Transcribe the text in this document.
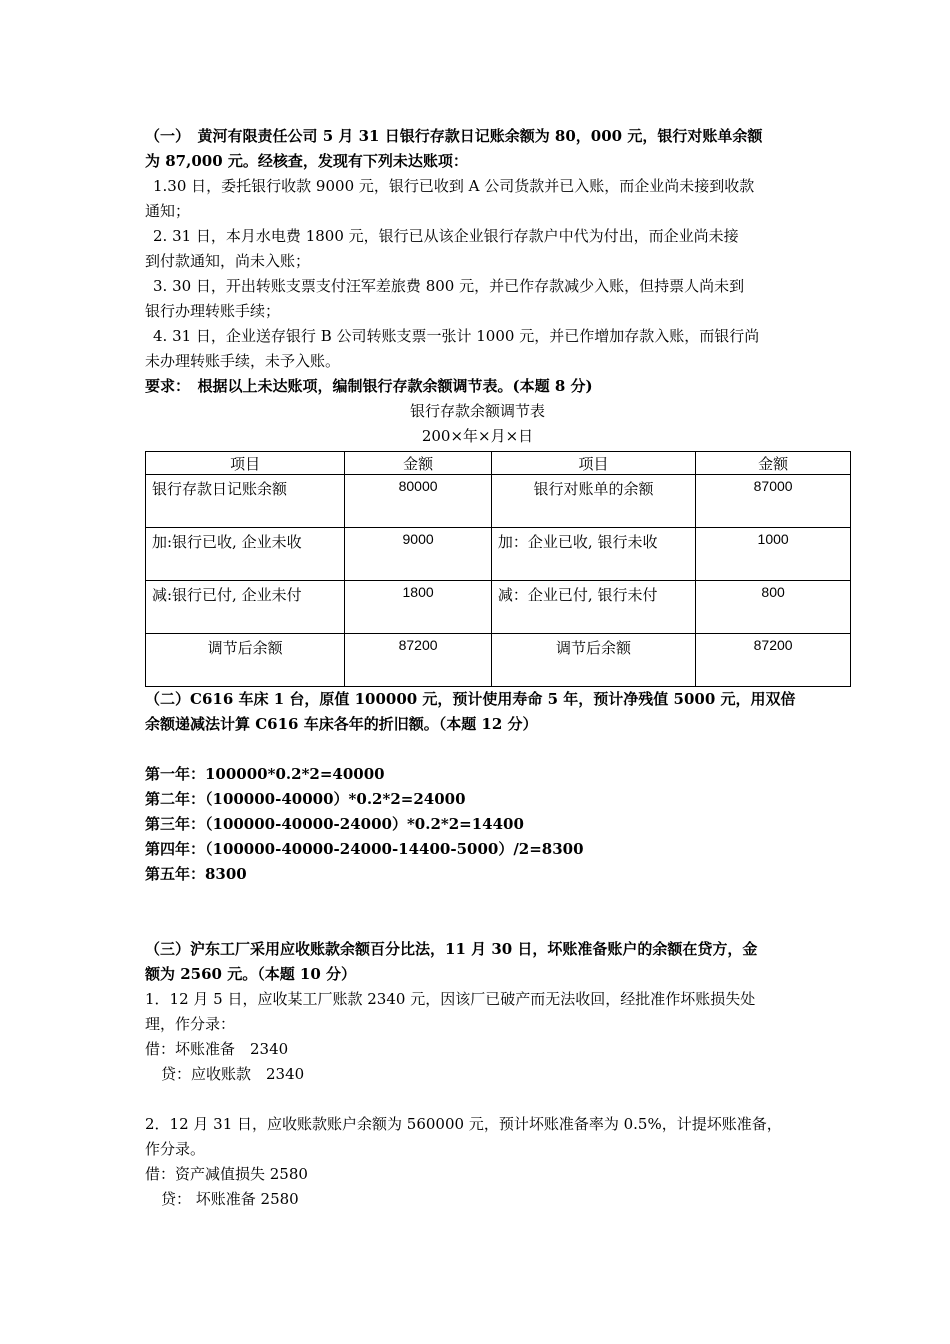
（一）　黄河有限责任公司 5 月 31 日银行存款日记账余额为 80，000 元，银行对账单余额
为 87,000 元。经核查，发现有下列未达账项：
1.30 日，委托银行收款 9000 元，银行已收到 A 公司货款并已入账，而企业尚未接到收款
通知；
2. 31 日，本月水电费 1800 元，银行已从该企业银行存款户中代为付出，而企业尚未接
到付款通知，尚未入账；
3. 30 日，开出转账支票支付汪军差旅费 800 元，并已作存款减少入账，但持票人尚未到
银行办理转账手续；
4. 31 日，企业送存银行 B 公司转账支票一张计 1000 元，并已作增加存款入账，而银行尚
未办理转账手续，未予入账。
要求：　根据以上未达账项，编制银行存款余额调节表。(本题 8 分)
银行存款余额调节表
200×年×月×日
项目	金额	项目	金额
银行存款日记账余额	80000	银行对账单的余额	87000
加:银行已收, 企业未收	9000	加：企业已收, 银行未收	1000
减:银行已付, 企业未付	1800	减：企业已付, 银行未付	800
调节后余额	87200	调节后余额	87200
（二）C616 车床 1 台，原值 100000 元，预计使用寿命 5 年，预计净残值 5000 元，用双倍
余额递减法计算 C616 车床各年的折旧额。（本题 12 分）
第一年：100000*0.2*2=40000
第二年：（100000-40000）*0.2*2=24000
第三年：（100000-40000-24000）*0.2*2=14400
第四年：（100000-40000-24000-14400-5000）/2=8300
第五年：8300
（三）沪东工厂采用应收账款余额百分比法，11 月 30 日，坏账准备账户的余额在贷方，金
额为 2560 元。（本题 10 分）
1．12 月 5 日，应收某工厂账款 2340 元，因该厂已破产而无法收回，经批准作坏账损失处
理，作分录：
借：坏账准备　2340
贷：应收账款　2340
2．12 月 31 日，应收账款账户余额为 560000 元，预计坏账准备率为 0.5%，计提坏账准备，
作分录。
借：资产减值损失 2580
贷： 坏账准备 2580
